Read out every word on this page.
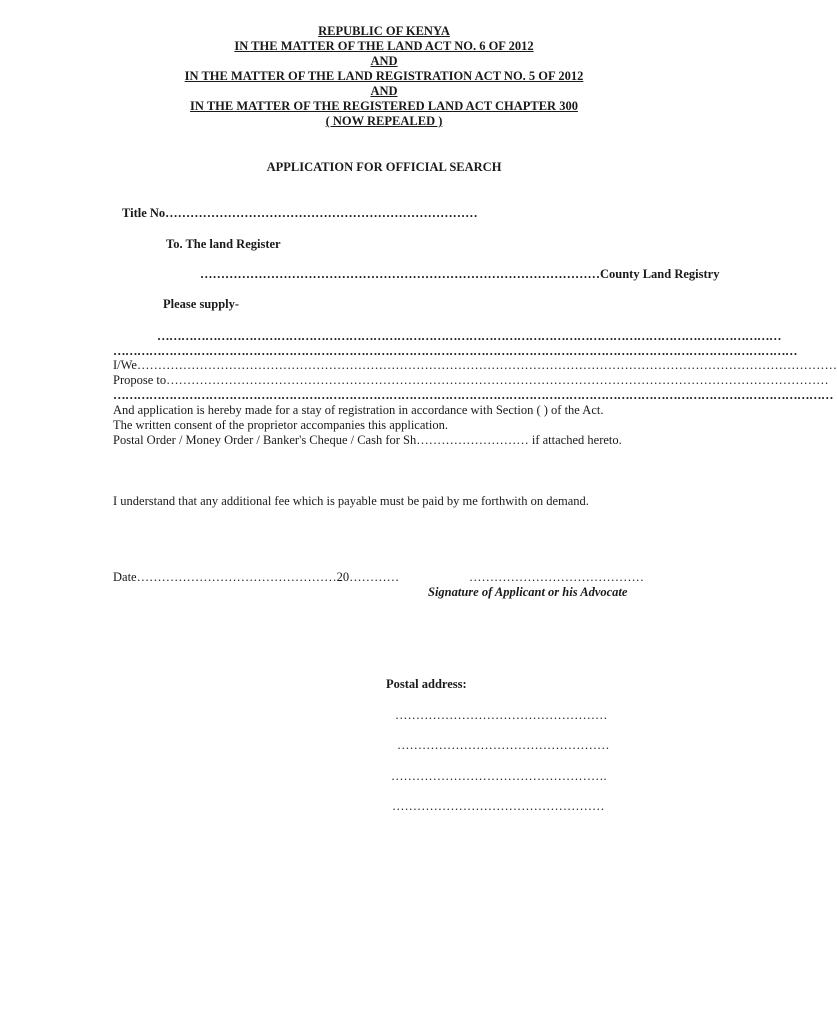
REPUBLIC OF KENYA
IN THE MATTER OF THE LAND ACT NO. 6 OF 2012
AND
IN THE MATTER OF THE LAND REGISTRATION ACT NO. 5 OF 2012
AND
IN THE MATTER OF THE REGISTERED LAND ACT CHAPTER 300
( NOW REPEALED )
APPLICATION FOR OFFICIAL SEARCH
Title No…………………………………………………………………
To. The land Register
……………………………………………………………………………………County Land Registry
Please supply-
…………………………………………………………………………………………………………………………………………
………………………………………………………………………………………………………………………………………………………
I/We……………………………………………………………………………………………………………………………………………………
Propose to……………………………………………………………………………………………………………………………………………
………………………………………………………………………………………………………………………………………………………………
And application is hereby made for a stay of registration in accordance with Section ( ) of the Act.
The written consent of the proprietor accompanies this application.
Postal Order / Money Order / Banker's Cheque / Cash for Sh……………………… if attached hereto.
I understand that any additional fee which is payable must be paid by me forthwith on demand.
Date…………………………………………20…………	……………………………………
Signature of Applicant or his Advocate
Postal address:
……………………………………………
……………………………………………
…………………………………………….
……………………………………………
